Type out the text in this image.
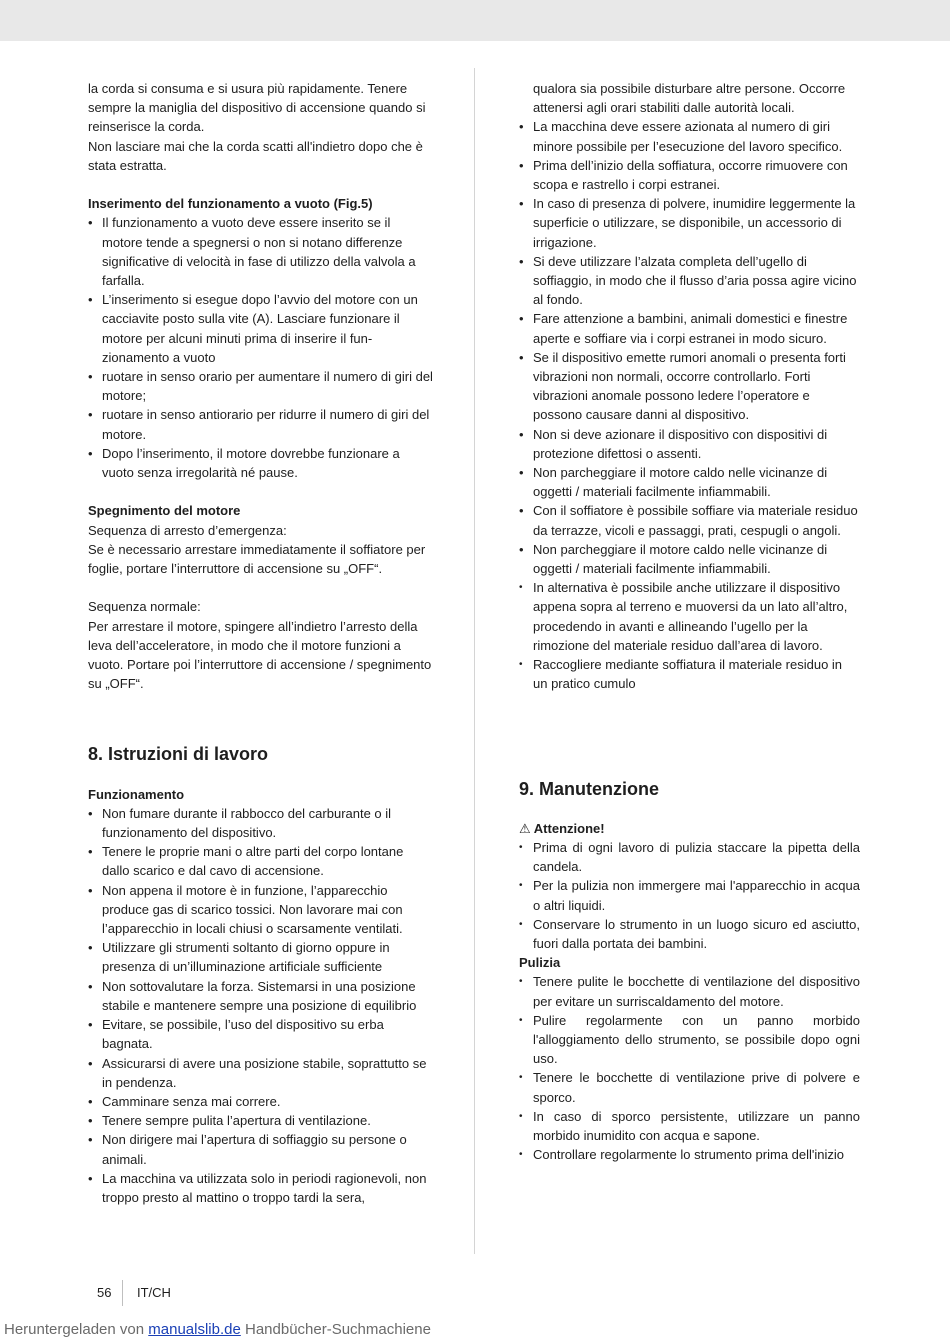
la corda si consuma e si usura più rapidamente. Tenere sempre la maniglia del dispositivo di accensione quando si reinserisce la corda.

Non lasciare mai che la corda scatti all'indietro dopo che è stata estratta.

Inserimento del funzionamento a vuoto (Fig.5)

• Il funzionamento a vuoto deve essere inserito se il motore tende a spegnersi o non si notano differenze significative di velocità in fase di utilizzo della valvola a farfalla.
• L’inserimento si esegue dopo l’avvio del motore con un cacciavite posto sulla vite (A). Lasciare funzionare il motore per alcuni minuti prima di inserire il funzionamento a vuoto
• ruotare in senso orario per aumentare il numero di giri del motore;
• ruotare in senso antiorario per ridurre il numero di giri del motore.
• Dopo l’inserimento, il motore dovrebbe funzionare a vuoto senza irregolarità né pause.

Spegnimento del motore

Sequenza di arresto d’emergenza:

Se è necessario arrestare immediatamente il soffiatore per foglie, portare l’interruttore di accensione su „OFF“.

Sequenza normale:

Per arrestare il motore, spingere all’indietro l’arresto della leva dell’acceleratore, in modo che il motore funzioni a vuoto. Portare poi l’interruttore di accensione / spegnimento su „OFF“.

8. Istruzioni di lavoro

Funzionamento

• Non fumare durante il rabbocco del carburante o il funzionamento del dispositivo.
• Tenere le proprie mani o altre parti del corpo lontane dallo scarico e dal cavo di accensione.
• Non appena il motore è in funzione, l’apparecchio produce gas di scarico tossici. Non lavorare mai con l’apparecchio in locali chiusi o scarsamente ventilati.
• Utilizzare gli strumenti soltanto di giorno oppure in presenza di un’illuminazione artificiale sufficiente
• Non sottovalutare la forza. Sistemarsi in una posizione stabile e mantenere sempre una posizione di equilibrio
• Evitare, se possibile, l’uso del dispositivo su erba bagnata.
• Assicurarsi di avere una posizione stabile, soprattutto se in pendenza.
• Camminare senza mai correre.
• Tenere sempre pulita l’apertura di ventilazione.
• Non dirigere mai l’apertura di soffiaggio su persone o animali.
• La macchina va utilizzata solo in periodi ragionevoli, non troppo presto al mattino o troppo tardi la sera,

qualora sia possibile disturbare altre persone. Occorre attenersi agli orari stabiliti dalle autorità locali.

• La macchina deve essere azionata al numero di giri minore possibile per l’esecuzione del lavoro specifico.
• Prima dell’inizio della soffiatura, occorre rimuovere con scopa e rastrello i corpi estranei.
• In caso di presenza di polvere, inumidire leggermente la superficie o utilizzare, se disponibile, un accessorio di irrigazione.
• Si deve utilizzare l’alzata completa dell’ugello di soffiaggio, in modo che il flusso d’aria possa agire vicino al fondo.
• Fare attenzione a bambini, animali domestici e finestre aperte e soffiare via i corpi estranei in modo sicuro.
• Se il dispositivo emette rumori anomali o presenta forti vibrazioni non normali, occorre controllarlo. Forti vibrazioni anomale possono ledere l’operatore e possono causare danni al dispositivo.
• Non si deve azionare il dispositivo con dispositivi di protezione difettosi o assenti.
• Non parcheggiare il motore caldo nelle vicinanze di oggetti / materiali facilmente infiammabili.
• Con il soffiatore è possibile soffiare via materiale residuo da terrazze, vicoli e passaggi, prati, cespugli o angoli.
• Non parcheggiare il motore caldo nelle vicinanze di oggetti / materiali facilmente infiammabili.
• In alternativa è possibile anche utilizzare il dispositivo appena sopra al terreno e muoversi da un lato all’altro, procedendo in avanti e allineando l’ugello per la rimozione del materiale residuo dall’area di lavoro.
• Raccogliere mediante soffiatura il materiale residuo in un pratico cumulo

9. Manutenzione

⚠ Attenzione!

• Prima di ogni lavoro di pulizia staccare la pipetta della candela.
• Per la pulizia non immergere mai l'apparecchio in acqua o altri liquidi.
• Conservare lo strumento in un luogo sicuro ed asciutto, fuori dalla portata dei bambini.

Pulizia

• Tenere pulite le bocchette di ventilazione del dispositivo per evitare un surriscaldamento del motore.
• Pulire regolarmente con un panno morbido l'alloggiamento dello strumento, se possibile dopo ogni uso.
• Tenere le bocchette di ventilazione prive di polvere e sporco.
• In caso di sporco persistente, utilizzare un panno morbido inumidito con acqua e sapone.
• Controllare regolarmente lo strumento prima dell'inizio
56 IT/CH
Heruntergeladen von manualslib.de Handbücher-Suchmachiene
